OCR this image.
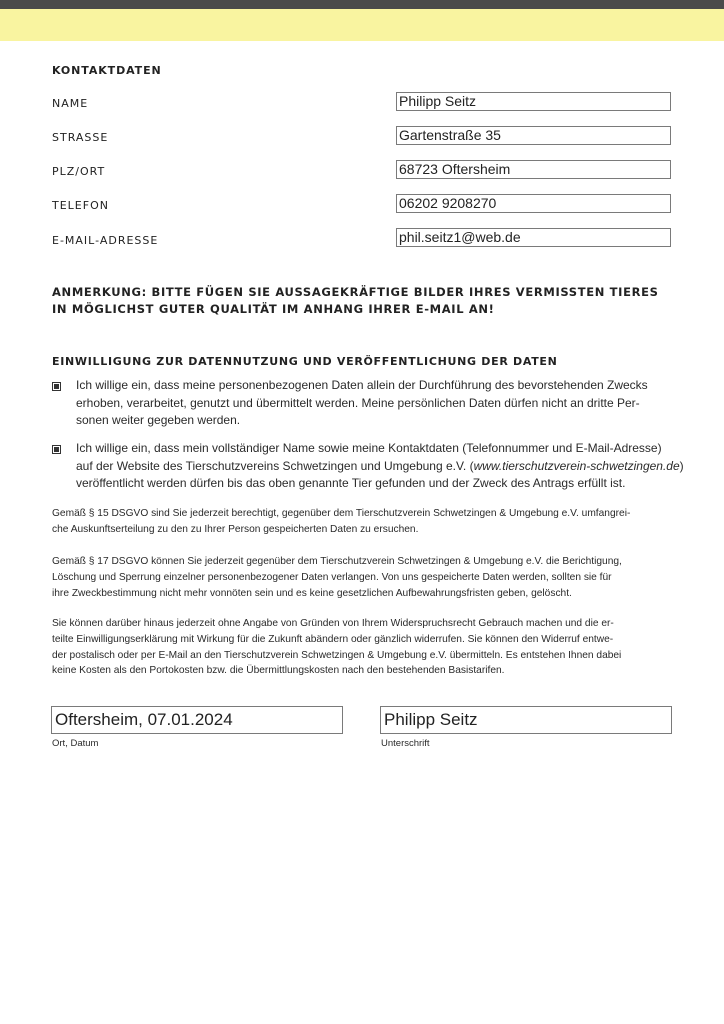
KONTAKTDATEN
NAME	Philipp Seitz
STRASSE	Gartenstraße 35
PLZ/ORT	68723 Oftersheim
TELEFON	06202 9208270
E-MAIL-ADRESSE	phil.seitz1@web.de
ANMERKUNG: BITTE FÜGEN SIE AUSSAGEKRÄFTIGE BILDER IHRES VERMISSTEN TIERES
IN MÖGLICHST GUTER QUALITÄT IM ANHANG IHRER E-MAIL AN!
EINWILLIGUNG ZUR DATENNUTZUNG UND VERÖFFENTLICHUNG DER DATEN
Ich willige ein, dass meine personenbezogenen Daten allein der Durchführung des bevorstehenden Zwecks
erhoben, verarbeitet, genutzt und übermittelt werden. Meine persönlichen Daten dürfen nicht an dritte Per-
sonen weiter gegeben werden.
Ich willige ein, dass mein vollständiger Name sowie meine Kontaktdaten (Telefonnummer und E-Mail-Adresse)
auf der Website des Tierschutzvereins Schwetzingen und Umgebung e.V. (www.tierschutzverein-schwetzingen.de)
veröffentlicht werden dürfen bis das oben genannte Tier gefunden und der Zweck des Antrags erfüllt ist.
Gemäß § 15 DSGVO sind Sie jederzeit berechtigt, gegenüber dem Tierschutzverein Schwetzingen & Umgebung e.V. umfangrei-
che Auskunftserteilung zu den zu Ihrer Person gespeicherten Daten zu ersuchen.
Gemäß § 17 DSGVO können Sie jederzeit gegenüber dem Tierschutzverein Schwetzingen & Umgebung e.V. die Berichtigung,
Löschung und Sperrung einzelner personenbezogener Daten verlangen. Von uns gespeicherte Daten werden, sollten sie für
ihre Zweckbestimmung nicht mehr vonnöten sein und es keine gesetzlichen Aufbewahrungsfristen geben, gelöscht.
Sie können darüber hinaus jederzeit ohne Angabe von Gründen von Ihrem Widerspruchsrecht Gebrauch machen und die er-
teilte Einwilligungserklärung mit Wirkung für die Zukunft abändern oder gänzlich widerrufen. Sie können den Widerruf entwe-
der postalisch oder per E-Mail an den Tierschutzverein Schwetzingen & Umgebung e.V. übermitteln. Es entstehen Ihnen dabei
keine Kosten als den Portokosten bzw. die Übermittlungskosten nach den bestehenden Basistarifen.
Oftersheim, 07.01.2024
Ort, Datum
Philipp Seitz
Unterschrift
